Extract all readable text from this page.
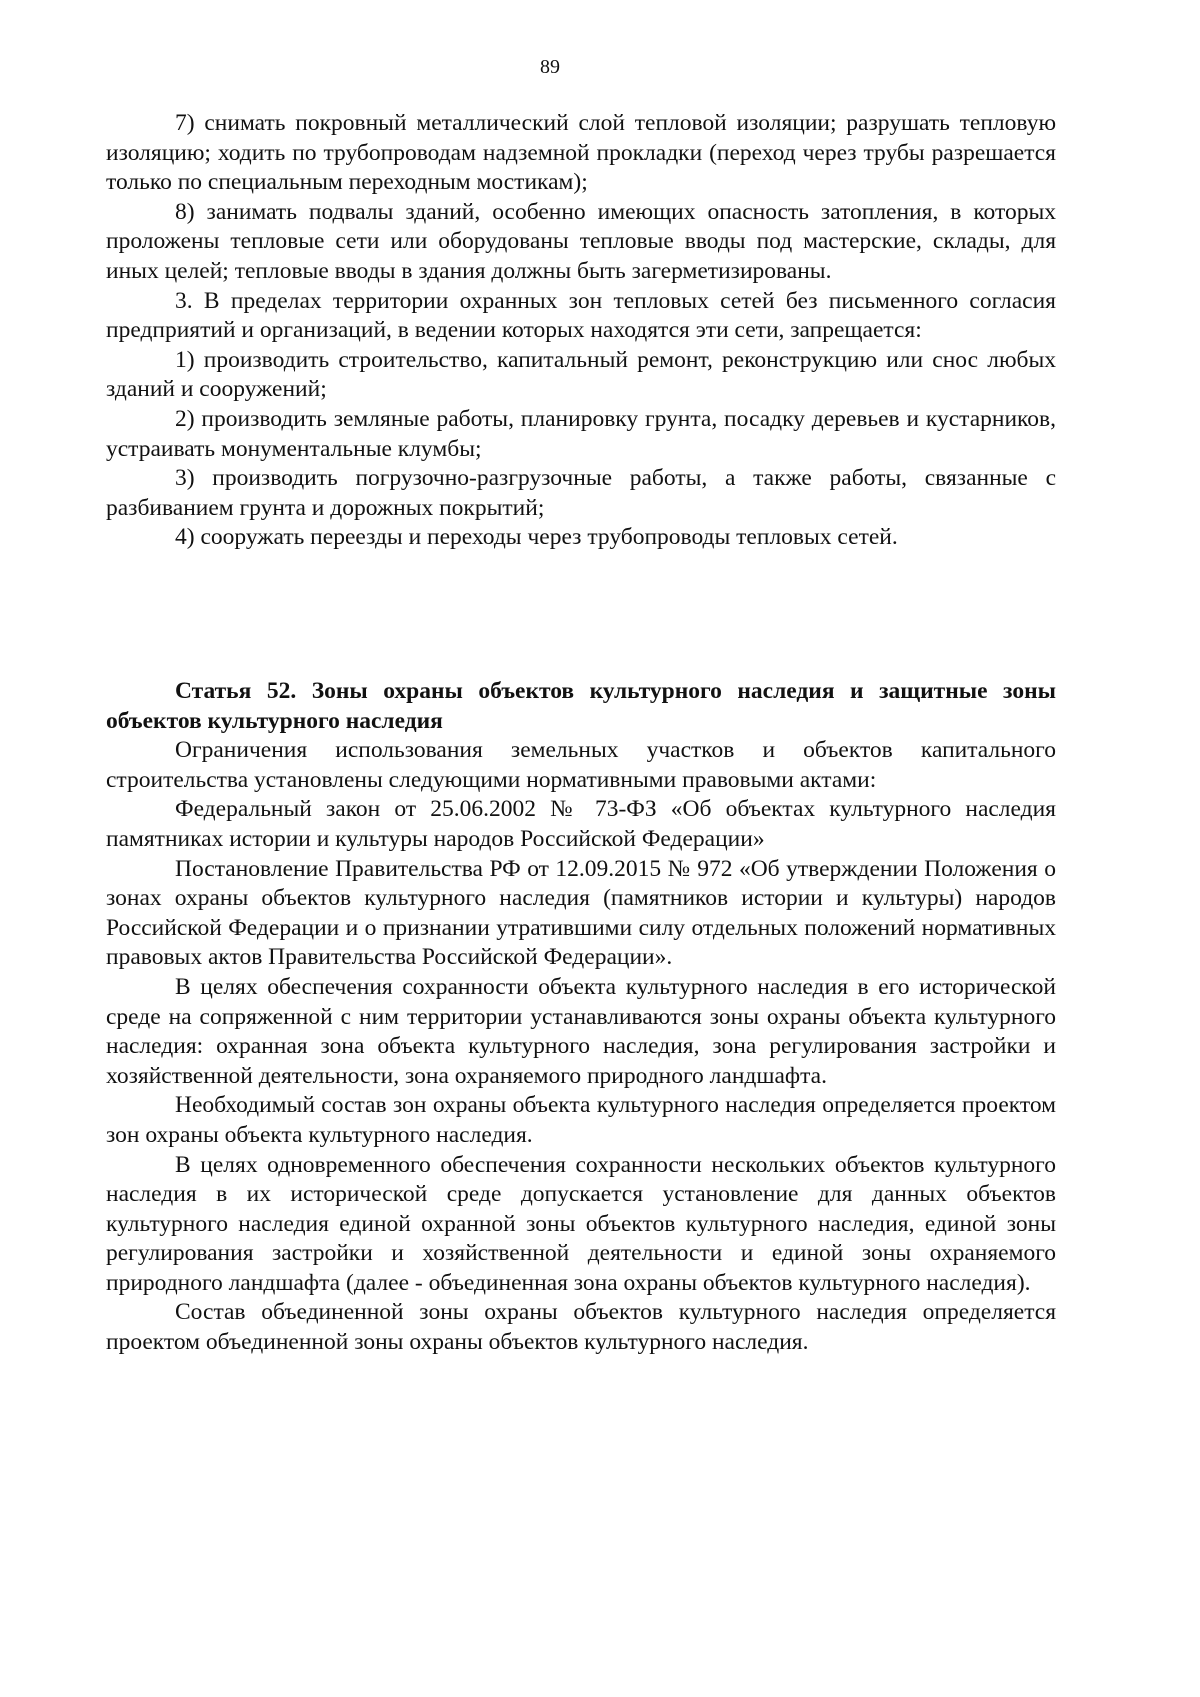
89

7) снимать покровный металлический слой тепловой изоляции; разрушать тепловую изоляцию; ходить по трубопроводам надземной прокладки (переход через трубы разрешается только по специальным переходным мостикам);

8) занимать подвалы зданий, особенно имеющих опасность затопления, в которых проложены тепловые сети или оборудованы тепловые вводы под мастерские, склады, для иных целей; тепловые вводы в здания должны быть загерметизированы.

3. В пределах территории охранных зон тепловых сетей без письменного согласия предприятий и организаций, в ведении которых находятся эти сети, запрещается:

1) производить строительство, капитальный ремонт, реконструкцию или снос любых зданий и сооружений;

2) производить земляные работы, планировку грунта, посадку деревьев и кустарников, устраивать монументальные клумбы;

3) производить погрузочно-разгрузочные работы, а также работы, связанные с разбиванием грунта и дорожных покрытий;

4) сооружать переезды и переходы через трубопроводы тепловых сетей.

Статья 52. Зоны охраны объектов культурного наследия и защитные зоны объектов культурного наследия

Ограничения использования земельных участков и объектов капитального строительства установлены следующими нормативными правовыми актами:

Федеральный закон от 25.06.2002 № 73-ФЗ «Об объектах культурного наследия памятниках истории и культуры народов Российской Федерации»

Постановление Правительства РФ от 12.09.2015 № 972 «Об утверждении Положения о зонах охраны объектов культурного наследия (памятников истории и культуры) народов Российской Федерации и о признании утратившими силу отдельных положений нормативных правовых актов Правительства Российской Федерации».

В целях обеспечения сохранности объекта культурного наследия в его исторической среде на сопряженной с ним территории устанавливаются зоны охраны объекта культурного наследия: охранная зона объекта культурного наследия, зона регулирования застройки и хозяйственной деятельности, зона охраняемого природного ландшафта.

Необходимый состав зон охраны объекта культурного наследия определяется проектом зон охраны объекта культурного наследия.

В целях одновременного обеспечения сохранности нескольких объектов культурного наследия в их исторической среде допускается установление для данных объектов культурного наследия единой охранной зоны объектов культурного наследия, единой зоны регулирования застройки и хозяйственной деятельности и единой зоны охраняемого природного ландшафта (далее - объединенная зона охраны объектов культурного наследия).

Состав объединенной зоны охраны объектов культурного наследия определяется проектом объединенной зоны охраны объектов культурного наследия.
